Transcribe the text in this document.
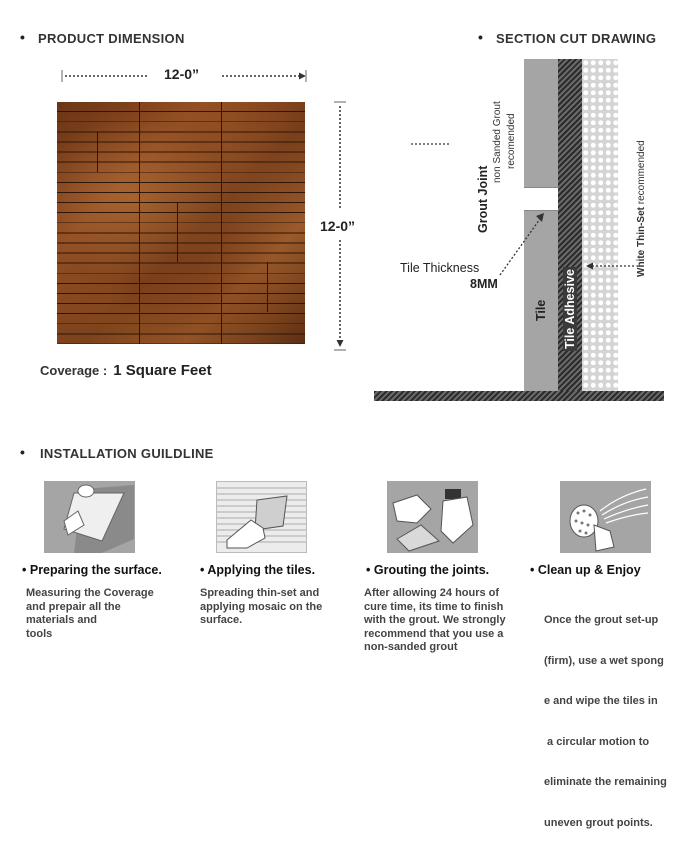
• PRODUCT DIMENSION
12-0”
12-0”
Coverage : 1 Square Feet
• SECTION CUT DRAWING
Grout Joint
non Sanded Grout recomended
White Thin-Set recommended
Tile Tile Adhesive
Tile Thickness
8MM
• INSTALLATION GUILDLINE
• Preparing the surface.
Measuring the Coverage
and prepair all the
materials and
tools
• Applying the tiles.
Spreading thin-set and
applying mosaic on the
surface.
• Grouting the joints.
After allowing 24 hours of
cure time, its time to finish
with the grout. We strongly
recommend that you use a
non-sanded grout
• Clean up & Enjoy

Once the grout set-up

(firm), use a wet spong

e and wipe the tiles in

a circular motion to

eliminate the remaining

uneven grout points.
